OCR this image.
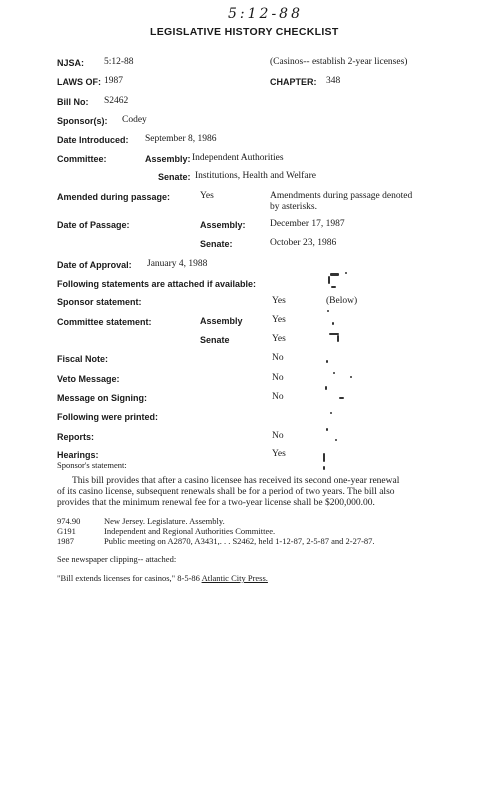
5:12-88
LEGISLATIVE HISTORY CHECKLIST
NJSA: 5:12-88	(Casinos-- establish 2-year licenses)
LAWS OF: 1987	CHAPTER: 348
Bill No: S2462
Sponsor(s): Codey
Date Introduced: September 8, 1986
Committee:	Assembly: Independent Authorities
Senate: Institutions, Health and Welfare
Amended during passage:	Yes	Amendments during passage denoted
by asterisks.
Date of Passage:	Assembly:	December 17, 1987
Senate:	October 23, 1986
Date of Approval: January 4, 1988
Following statements are attached if available:
Sponsor statement:	Yes	(Below)
Committee statement:	Assembly	Yes
Senate	Yes
Fiscal Note:	No
Veto Message:	No
Message on Signing:	No
Following were printed:
Reports:	No
Hearings:	Yes
Sponsor's statement:
This bill provides that after a casino licensee has received its second one-year renewal
of its casino license, subsequent renewals shall be for a period of two years. The bill also
provides that the minimum renewal fee for a two-year license shall be $200,000.00.
974.90	New Jersey. Legislature. Assembly.
G191	Independent and Regional Authorities Committee.
1987	Public meeting on A2870, A3431,. . . S2462, held 1-12-87, 2-5-87 and 2-27-87.
See newspaper clipping-- attached:
"Bill extends licenses for casinos," 8-5-86 Atlantic City Press.
